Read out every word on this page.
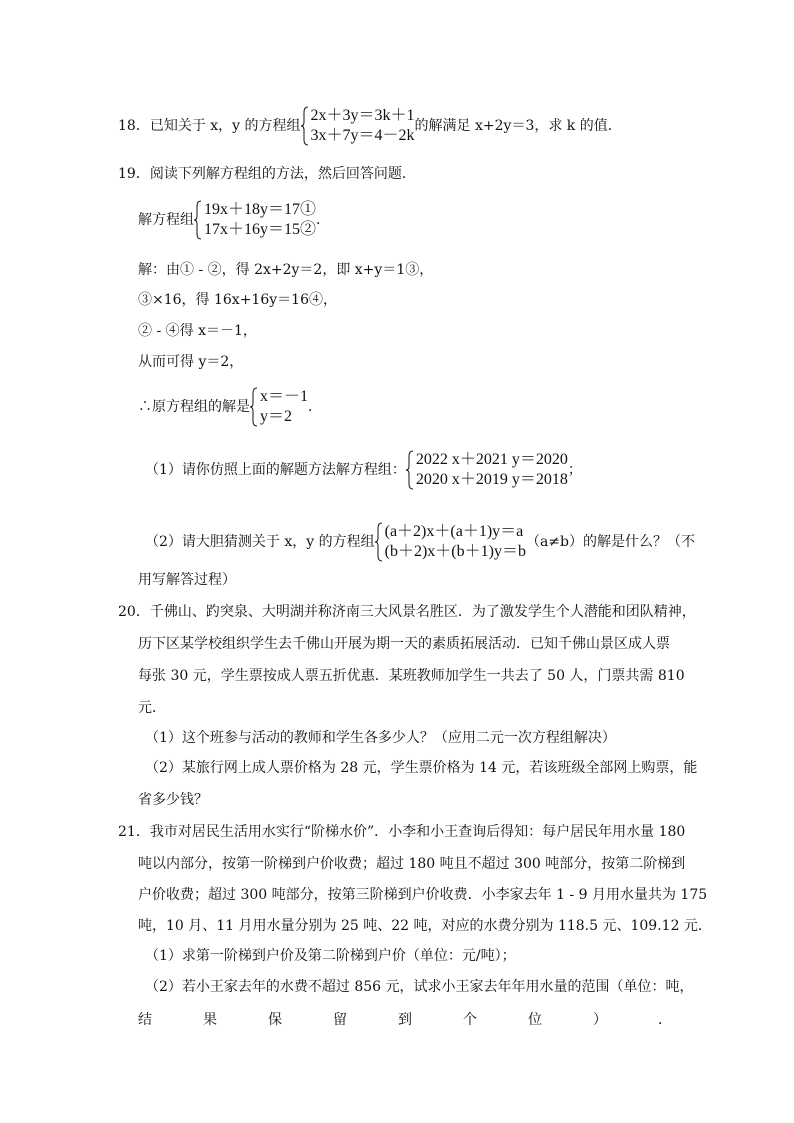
18．已知关于 x，y 的方程组
2x＋3y＝3k＋1
3x＋7y＝4－2k
的解满足 x+2y＝3，求 k 的值．
19．阅读下列解方程组的方法，然后回答问题．
解方程组
19x＋18y＝17①
17x＋16y＝15②
．
解：由① - ②，得 2x+2y＝2，即 x+y＝1③，
③×16，得 16x+16y＝16④，
② - ④得 x＝－1，
从而可得 y＝2，
∴原方程组的解是
x＝－1
y＝2
．
（1）请你仿照上面的解题方法解方程组：
2022 x＋2021 y＝2020
2020 x＋2019 y＝2018
；
（2）请大胆猜测关于 x，y 的方程组
(a＋2)x＋(a＋1)y＝a
(b＋2)x＋(b＋1)y＝b
（a≠b）的解是什么？（不
用写解答过程）
20．千佛山、趵突泉、大明湖并称济南三大风景名胜区．为了激发学生个人潜能和团队精神，
历下区某学校组织学生去千佛山开展为期一天的素质拓展活动．已知千佛山景区成人票
每张 30 元，学生票按成人票五折优惠．某班教师加学生一共去了 50 人，门票共需 810
元．
（1）这个班参与活动的教师和学生各多少人？（应用二元一次方程组解决）
（2）某旅行网上成人票价格为 28 元，学生票价格为 14 元，若该班级全部网上购票，能
省多少钱？
21．我市对居民生活用水实行“阶梯水价”．小李和小王查询后得知：每户居民年用水量 180
吨以内部分，按第一阶梯到户价收费；超过 180 吨且不超过 300 吨部分，按第二阶梯到
户价收费；超过 300 吨部分，按第三阶梯到户价收费．小李家去年 1 - 9 月用水量共为 175
吨，10 月、11 月用水量分别为 25 吨、22 吨，对应的水费分别为 118.5 元、109.12 元．
（1）求第一阶梯到户价及第二阶梯到户价（单位：元/吨）；
（2）若小王家去年的水费不超过 856 元，试求小王家去年年用水量的范围（单位：吨，
结	果	保	留	到	个	位	）	．
